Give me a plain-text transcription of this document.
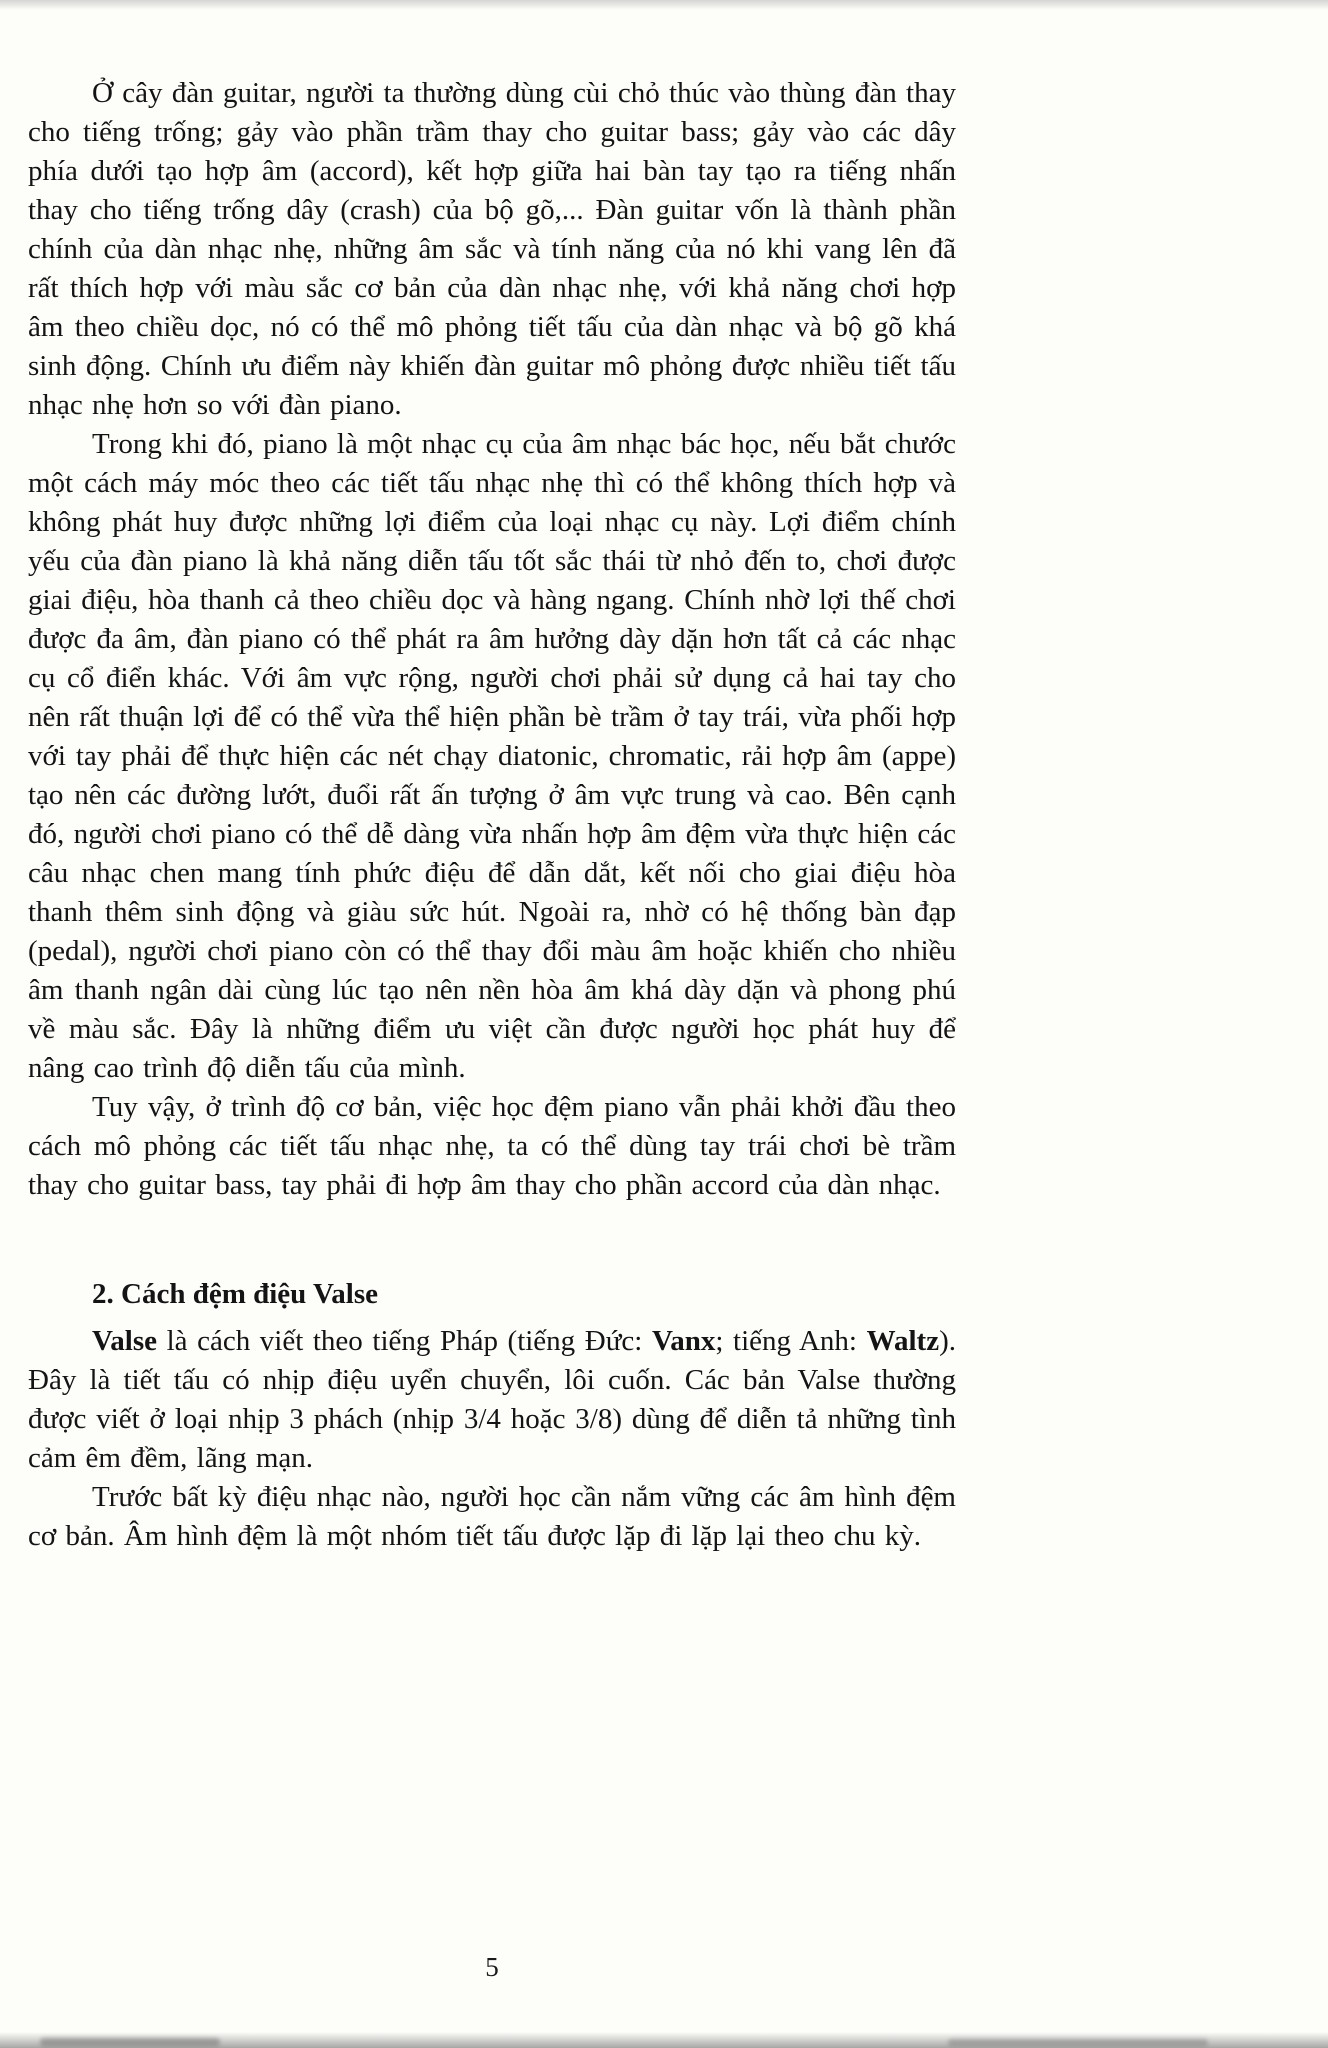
Ở cây đàn guitar, người ta thường dùng cùi chỏ thúc vào thùng đàn thay cho tiếng trống; gảy vào phần trầm thay cho guitar bass; gảy vào các dây phía dưới tạo hợp âm (accord), kết hợp giữa hai bàn tay tạo ra tiếng nhấn thay cho tiếng trống dây (crash) của bộ gõ,... Đàn guitar vốn là thành phần chính của dàn nhạc nhẹ, những âm sắc và tính năng của nó khi vang lên đã rất thích hợp với màu sắc cơ bản của dàn nhạc nhẹ, với khả năng chơi hợp âm theo chiều dọc, nó có thể mô phỏng tiết tấu của dàn nhạc và bộ gõ khá sinh động. Chính ưu điểm này khiến đàn guitar mô phỏng được nhiều tiết tấu nhạc nhẹ hơn so với đàn piano.

Trong khi đó, piano là một nhạc cụ của âm nhạc bác học, nếu bắt chước một cách máy móc theo các tiết tấu nhạc nhẹ thì có thể không thích hợp và không phát huy được những lợi điểm của loại nhạc cụ này. Lợi điểm chính yếu của đàn piano là khả năng diễn tấu tốt sắc thái từ nhỏ đến to, chơi được giai điệu, hòa thanh cả theo chiều dọc và hàng ngang. Chính nhờ lợi thế chơi được đa âm, đàn piano có thể phát ra âm hưởng dày dặn hơn tất cả các nhạc cụ cổ điển khác. Với âm vực rộng, người chơi phải sử dụng cả hai tay cho nên rất thuận lợi để có thể vừa thể hiện phần bè trầm ở tay trái, vừa phối hợp với tay phải để thực hiện các nét chạy diatonic, chromatic, rải hợp âm (appe) tạo nên các đường lướt, đuổi rất ấn tượng ở âm vực trung và cao. Bên cạnh đó, người chơi piano có thể dễ dàng vừa nhấn hợp âm đệm vừa thực hiện các câu nhạc chen mang tính phức điệu để dẫn dắt, kết nối cho giai điệu hòa thanh thêm sinh động và giàu sức hút. Ngoài ra, nhờ có hệ thống bàn đạp (pedal), người chơi piano còn có thể thay đổi màu âm hoặc khiến cho nhiều âm thanh ngân dài cùng lúc tạo nên nền hòa âm khá dày dặn và phong phú về màu sắc. Đây là những điểm ưu việt cần được người học phát huy để nâng cao trình độ diễn tấu của mình.

Tuy vậy, ở trình độ cơ bản, việc học đệm piano vẫn phải khởi đầu theo cách mô phỏng các tiết tấu nhạc nhẹ, ta có thể dùng tay trái chơi bè trầm thay cho guitar bass, tay phải đi hợp âm thay cho phần accord của dàn nhạc.

2. Cách đệm điệu Valse

Valse là cách viết theo tiếng Pháp (tiếng Đức: Vanx; tiếng Anh: Waltz). Đây là tiết tấu có nhịp điệu uyển chuyển, lôi cuốn. Các bản Valse thường được viết ở loại nhịp 3 phách (nhịp 3/4 hoặc 3/8) dùng để diễn tả những tình cảm êm đềm, lãng mạn.

Trước bất kỳ điệu nhạc nào, người học cần nắm vững các âm hình đệm cơ bản. Âm hình đệm là một nhóm tiết tấu được lặp đi lặp lại theo chu kỳ.

5
